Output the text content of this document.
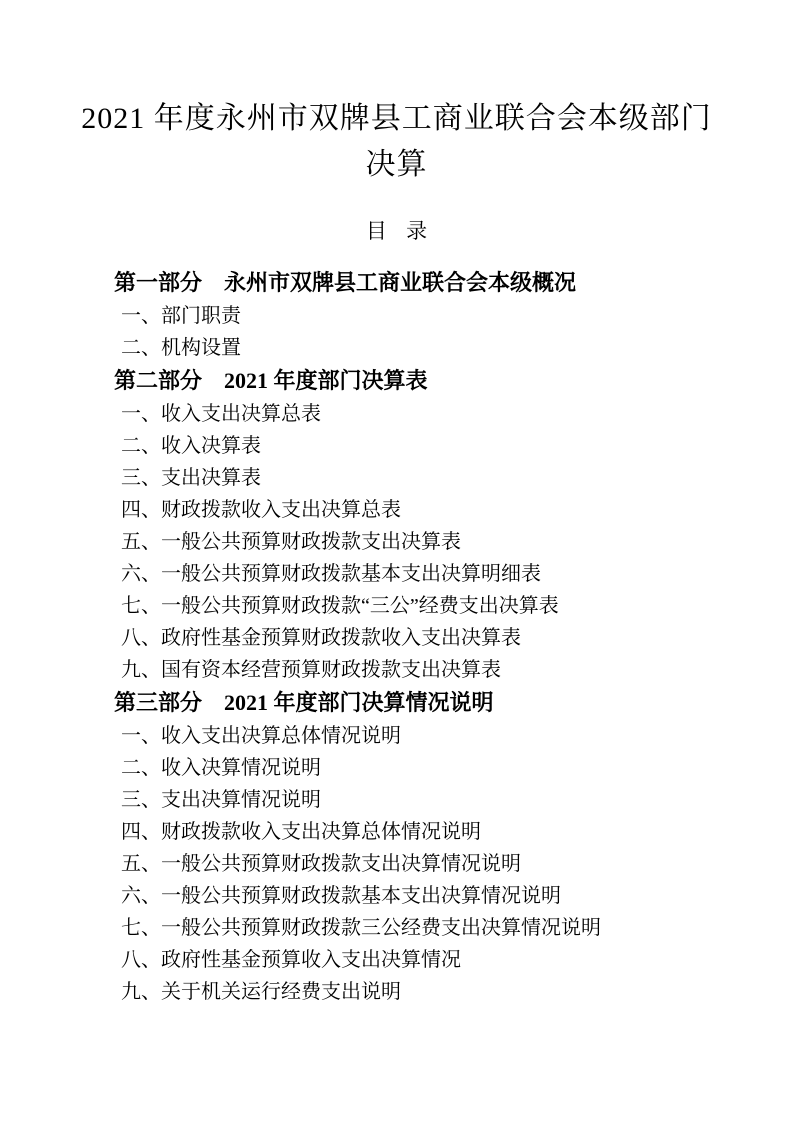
2021 年度永州市双牌县工商业联合会本级部门
决算
目 录
第一部分 永州市双牌县工商业联合会本级概况
一、部门职责
二、机构设置
第二部分 2021 年度部门决算表
一、收入支出决算总表
二、收入决算表
三、支出决算表
四、财政拨款收入支出决算总表
五、一般公共预算财政拨款支出决算表
六、一般公共预算财政拨款基本支出决算明细表
七、一般公共预算财政拨款“三公”经费支出决算表
八、政府性基金预算财政拨款收入支出决算表
九、国有资本经营预算财政拨款支出决算表
第三部分 2021 年度部门决算情况说明
一、收入支出决算总体情况说明
二、收入决算情况说明
三、支出决算情况说明
四、财政拨款收入支出决算总体情况说明
五、一般公共预算财政拨款支出决算情况说明
六、一般公共预算财政拨款基本支出决算情况说明
七、一般公共预算财政拨款三公经费支出决算情况说明
八、政府性基金预算收入支出决算情况
九、关于机关运行经费支出说明
